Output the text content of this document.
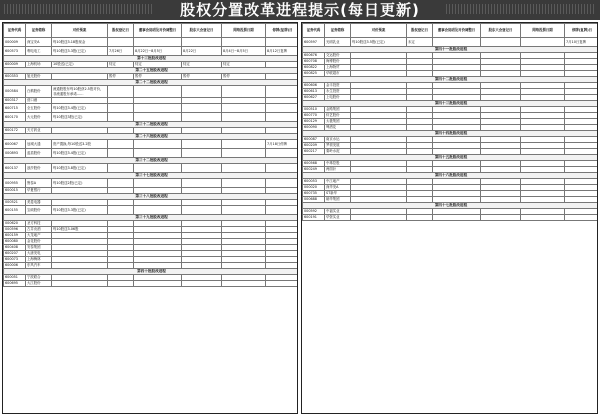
股权分置改革进程提示(每日更新)
证券代码	证券简称	对价预案	股权登记日	董事会说明及对价调整日	股东大会登记日	网络投票日期	停牌(复牌)日
000009	深宝安A	每10股送3.18股现金					
600573	利电电工	每10股送3.3股(已定)	7月26日	8月22日~8月5日	8月22日	8月4日~8月5日	8月12日复牌
第十三批股改进程							
600009	上海机场	10股送(已定)	待定	待定	待定	待定	
第二十五批股改进程							
600353	旭光股份		暂停	暂停	暂停	暂停	
第二十二批股改进程							
000584	白鹤股份	流通股股东每10股获2.5股对价，非流通股东承诺……					
600317	营口港						
600715	全五股份	每10股送3.4股(已定)					
600170	大元股份	每10股送3股(已定)					
第三十二批股改进程							
600172	天方药业						
第二十六批股改进程							
600067	冠城大通	资产置换,每10股送3.2股					7月18日停牌
000893	蓝盾股份	每10股送3.4股(已定)					
第三十二批股改进程							
600137	浪莎股份	每10股送3.8股(已定)					
第三十七批股改进程							
000955	鲁泰A	每10股送2股(已定)					
600015	华夏银行						
第三十八批股改进程							
000521	美菱电器						
600155	宝硕股份	每10股送3.3股(已定)					
第三十九批股改进程							
000620	圣方科技						
000596	古井贡酒	每10股送3.06股					
600159	大龙地产						
600080	金花股份						
600408	安泰集团						
600207	大唐发电						
600073	上海梅林						
600006	东风汽车						
第四十批股改进程							
600051	宁波联合						
600695	大江股份						
证券代码	证券简称	对价预案	股权登记日	董事会说明及对价调整日	股东大会登记日	网络投票日期	停牌(复牌)日
600597	光明乳业	每10股送3.5股(已定)	未定				7月10日复牌
第四十一批股改进程							
600676	交运股份						
600708	海博股份						
600822	上海物贸						
600825	华联超市						
第四十二批股改进程							
600606	金丰投资						
600613	永生投资						
600627	上电股份						
第四十三批股改进程							
000510	金路集团						
600770	综艺股份						
600129	太极集团						
600090	啤酒花						
第四十四批股改进程							
600087	南京水运						
600209	罗顿发展						
600217	秦岭水泥						
第四十五批股改进程							
600568	中珠控股						
600249	两面针						
第四十六批股改进程							
600053	中江地产						
000020	深华发A						
600735	ST新华						
000688	朝华集团						
第四十七批股改进程							
000592	中福实业						
600191	华资实业						
